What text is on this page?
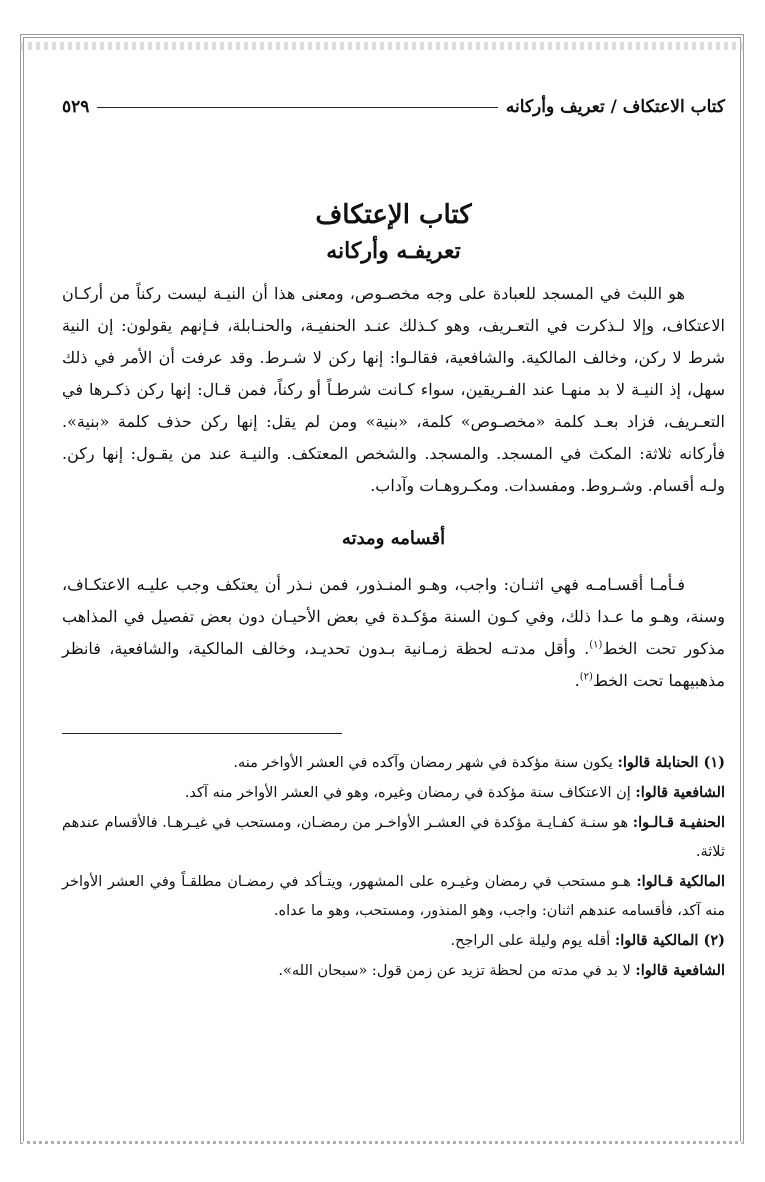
كتاب الاعتكاف / تعريف وأركانه
٥٢٩
كتاب الإعتكاف
تعريفـه وأركانه

هو اللبث في المسجد للعبادة على وجه مخصـوص، ومعنى هذا أن النيـة ليست ركناً من أركـان الاعتكاف، وإلا لـذكرت في التعـريف، وهو كـذلك عنـد الحنفيـة، والحنـابلة، فـإنهم يقولون: إن النية شرط لا ركن، وخالف المالكية. والشافعية، فقالـوا: إنها ركن لا شـرط. وقد عرفت أن الأمر في ذلك سهل، إذ النيـة لا بد منهـا عند الفـريقين، سواء كـانت شرطـاً أو ركناً، فمن قـال: إنها ركن ذكـرها في التعـريف، فزاد بعـد كلمة «مخصـوص» كلمة، «بنية» ومن لم يقل: إنها ركن حذف كلمة «بنية». فأركانه ثلاثة: المكث في المسجد. والمسجد. والشخص المعتكف. والنيـة عند من يقـول: إنها ركن. ولـه أقسام. وشـروط. ومفسدات. ومكـروهـات وآداب.

أقسامه ومدته

فـأمـا أقسـامـه فهي اثنـان: واجب، وهـو المنـذور، فمن نـذر أن يعتكف وجب عليـه الاعتكـاف، وسنة، وهـو ما عـدا ذلك، وفي كـون السنة مؤكـدة في بعض الأحيـان دون بعض تفصيل في المذاهب مذكور تحت الخط$^{(١)}$. وأقل مدتـه لحظة زمـانية بـدون تحديـد، وخالف المالكية، والشافعية، فانظر مذهبيهما تحت الخط$^{(٢)}$.

(١) الحنابلة قالوا: يكون سنة مؤكدة في شهر رمضان وآكده في العشر الأواخر منه.

الشافعية قالوا: إن الاعتكاف سنة مؤكدة في رمضان وغيره، وهو في العشر الأواخر منه آكد.

الحنفيـة قـالـوا: هو سنـة كفـايـة مؤكدة في العشـر الأواخـر من رمضـان، ومستحب في غيـرهـا. فالأقسام عندهم ثلاثة.

المالكية قـالوا: هـو مستحب في رمضان وغيـره على المشهور، ويتـأكد في رمضـان مطلقـاً وفي العشر الأواخر منه آكد، فأقسامه عندهم اثنان: واجب، وهو المنذور، ومستحب، وهو ما عداه.

(٢) المالكية قالوا: أقله يوم وليلة على الراجح.

الشافعية قالوا: لا بد في مدته من لحظة تزيد عن زمن قول: «سبحان الله».
